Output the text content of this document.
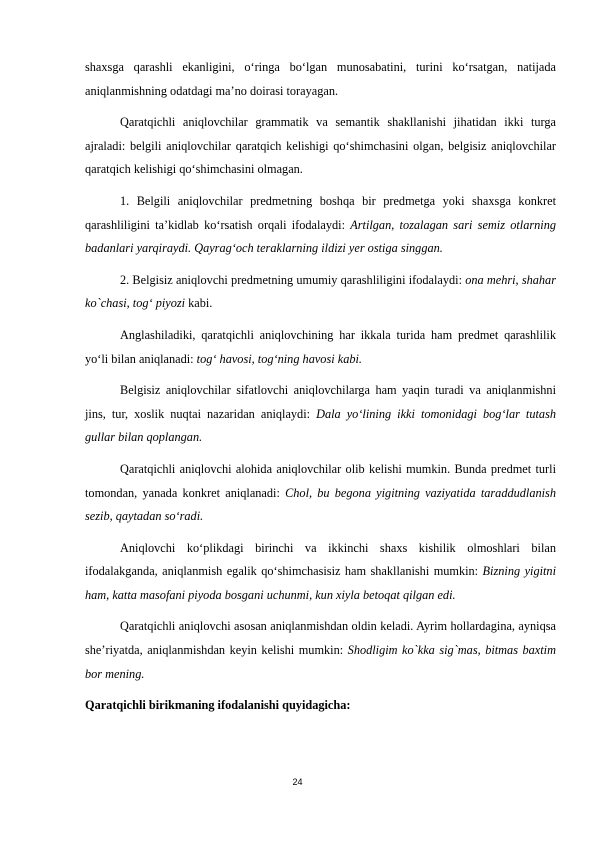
shaxsga qarashli ekanligini, o‘ringa bo‘lgan munosabatini, turini ko‘rsatgan, natijada aniqlanmishning odatdagi ma’no doirasi torayagan.

Qaratqichli aniqlovchilar grammatik va semantik shakllanishi jihatidan ikki turga ajraladi: belgili aniqlovchilar qaratqich kelishigi qo‘shimchasini olgan, belgisiz aniqlovchilar qaratqich kelishigi qo‘shimchasini olmagan.

1. Belgili aniqlovchilar predmetning boshqa bir predmetga yoki shaxsga konkret qarashliligini ta’kidlab ko‘rsatish orqali ifodalaydi: Artilgan, tozalagan sari semiz otlarning badanlari yarqiraydi. Qayrag‘och teraklarning ildizi yer ostiga singgan.

2. Belgisiz aniqlovchi predmetning umumiy qarashliligini ifodalaydi: ona mehri, shahar ko`chasi, tog‘ piyozi kabi.

Anglashiladiki, qaratqichli aniqlovchining har ikkala turida ham predmet qarashlilik yo‘li bilan aniqlanadi: tog‘ havosi, tog‘ning havosi kabi.

Belgisiz aniqlovchilar sifatlovchi aniqlovchilarga ham yaqin turadi va aniqlanmishni jins, tur, xoslik nuqtai nazaridan aniqlaydi: Dala yo‘lining ikki tomonidagi bog‘lar tutash gullar bilan qoplangan.

Qaratqichli aniqlovchi alohida aniqlovchilar olib kelishi mumkin. Bunda predmet turli tomondan, yanada konkret aniqlanadi: Chol, bu begona yigitning vaziyatida taraddudlanish sezib, qaytadan so‘radi.

Aniqlovchi ko‘plikdagi birinchi va ikkinchi shaxs kishilik olmoshlari bilan ifodalakganda, aniqlanmish egalik qo‘shimchasisiz ham shakllanishi mumkin: Bizning yigitni ham, katta masofani piyoda bosgani uchunmi, kun xiyla betoqat qilgan edi.

Qaratqichli aniqlovchi asosan aniqlanmishdan oldin keladi. Ayrim hollardagina, ayniqsa she’riyatda, aniqlanmishdan keyin kelishi mumkin: Shodligim ko`kka sig`mas, bitmas baxtim bor mening.

Qaratqichli birikmaning ifodalanishi quyidagicha:

24
